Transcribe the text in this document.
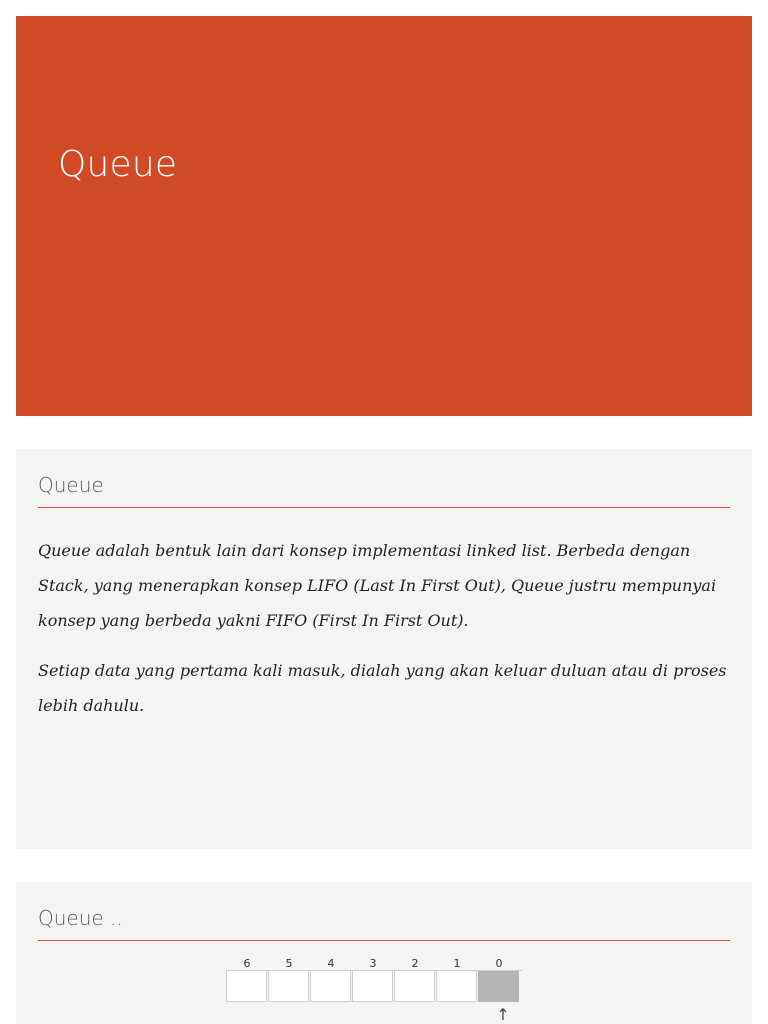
Queue
Queue

Queue adalah bentuk lain dari konsep implementasi linked list. Berbeda dengan Stack, yang menerapkan konsep LIFO (Last In First Out), Queue justru mempunyai konsep yang berbeda yakni FIFO (First In First Out).

Setiap data yang pertama kali masuk, dialah yang akan keluar duluan atau di proses lebih dahulu.

Queue ..
6	5	4	3	2	1	0
↑
